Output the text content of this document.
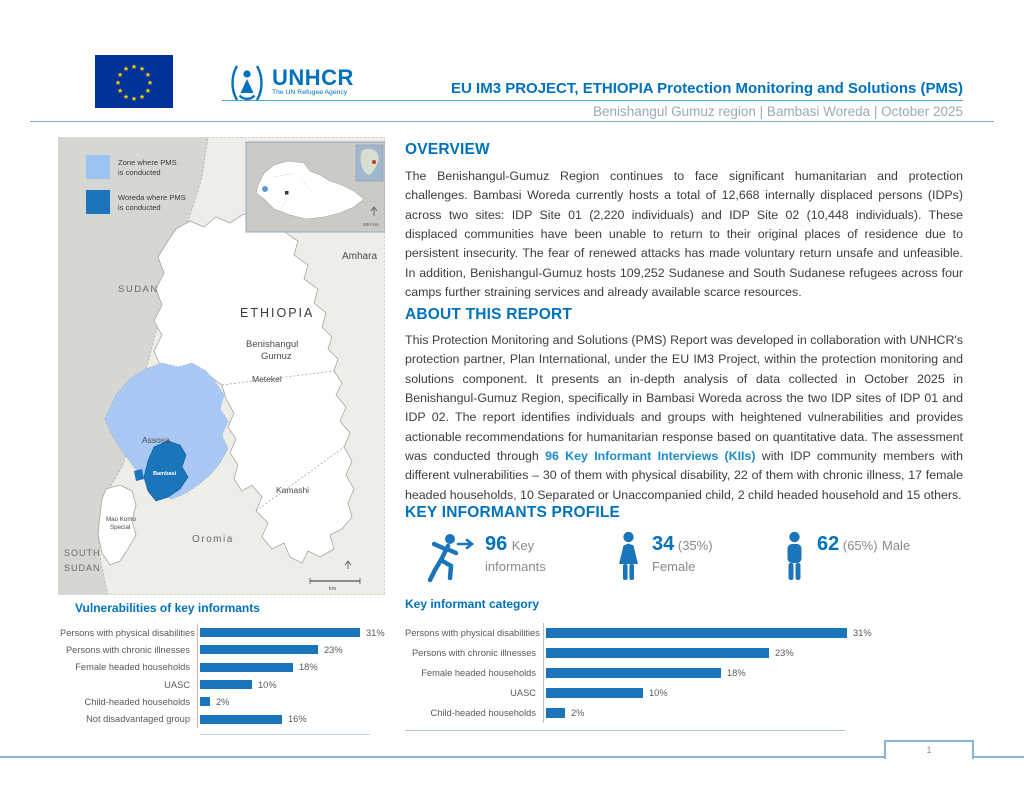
★ ★
★
★
★
★
★
★
★
★
★
★	UNHCR
The UN Refugee Agency	EU IM3 PROJECT, ETHIOPIA Protection Monitoring and Solutions (PMS)
Benishangul Gumuz region | Bambasi Woreda | October 2025
Amhara
SUDAN
ETHIOPIA
Benishangul
Gumuz
Metekel
Assosa
Bambasi
Kamashi
Mao Komo
Special
Oromia
SOUTH
SUDAN
km
500 km
Zone where PMS
is conducted
Woreda where PMS
is conducted
OVERVIEW
The Benishangul-Gumuz Region continues to face significant humanitarian and protection challenges. Bambasi Woreda currently hosts a total of 12,668 internally displaced persons (IDPs) across two sites: IDP Site 01 (2,220 individuals) and IDP Site 02 (10,448 individuals). These displaced communities have been unable to return to their original places of residence due to persistent insecurity. The fear of renewed attacks has made voluntary return unsafe and unfeasible. In addition, Benishangul-Gumuz hosts 109,252 Sudanese and South Sudanese refugees across four camps further straining services and already available scarce resources.
ABOUT THIS REPORT
This Protection Monitoring and Solutions (PMS) Report was developed in collaboration with UNHCR's protection partner, Plan International, under the EU IM3 Project, within the protection monitoring and solutions component. It presents an in-depth analysis of data collected in October 2025 in Benishangul-Gumuz Region, specifically in Bambasi Woreda across the two IDP sites of IDP 01 and IDP 02. The report identifies individuals and groups with heightened vulnerabilities and provides actionable recommendations for humanitarian response based on quantitative data. The assessment was conducted through 96 Key Informant Interviews (KIIs) with IDP community members with different vulnerabilities – 30 of them with physical disability, 22 of them with chronic illness, 17 female headed households, 10 Separated or Unaccompanied child, 2 child headed household and 15 others.
KEY INFORMANTS PROFILE
96 Key informants
34 (35%) Female
62 (65%) Male
Vulnerabilities of key informants
Persons with physical disabilities	31%
Persons with chronic illnesses	23%
Female headed households	18%
UASC	10%
Child-headed households	2%
Not disadvantaged group	16%
Key informant category
Persons with physical disabilities	31%
Persons with chronic illnesses	23%
Female headed households	18%
UASC	10%
Child-headed households	2%
1
